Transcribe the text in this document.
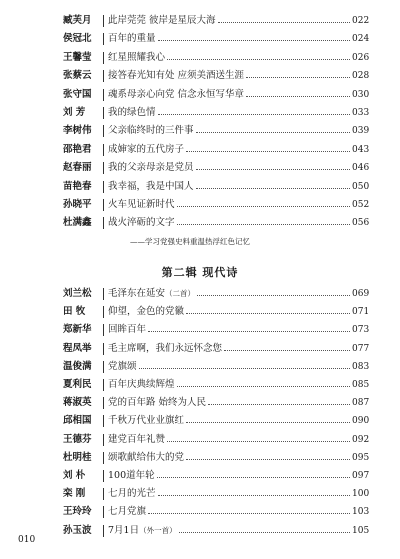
臧芙月	此岸莞莞 彼岸是星辰大海	022
侯冠北	百年的重量	024
王馨莹	红星照耀我心	026
张蔡云	接答春光知有处 应须美酒送生涯	028
张守国	魂系母亲心向党 信念永恒写华章	030
刘 芳	我的绿色情	033
李树伟	父亲临终时的三件事	039
邵艳君	成婶家的五代房子	043
赵春丽	我的父亲母亲是党员	046
苗艳春	我幸福，我是中国人	050
孙晓平	火车见证新时代	052
杜满鑫	战火淬砺的文字	056
——学习党强史料重温热浮红色记忆
第二辑 现代诗
刘兰松	毛泽东在延安（二首）	069
田 牧	仰望，金色的党徽	071
郑新华	回眸百年	073
程凤举	毛主席啊，我们永远怀念您	077
温俊满	党旗颂	083
夏利民	百年庆典续辉煌	085
蒋淑英	党的百年路 始终为人民	087
邱相国	千秋万代业业旗红	090
王德芬	建党百年礼赞	092
杜明桂	颂歌献给伟大的党	095
刘 朴	100道年轮	097
栾 刚	七月的光芒	100
王玲玲	七月党旗	103
孙玉波	7月1日（外一首）	105
010
